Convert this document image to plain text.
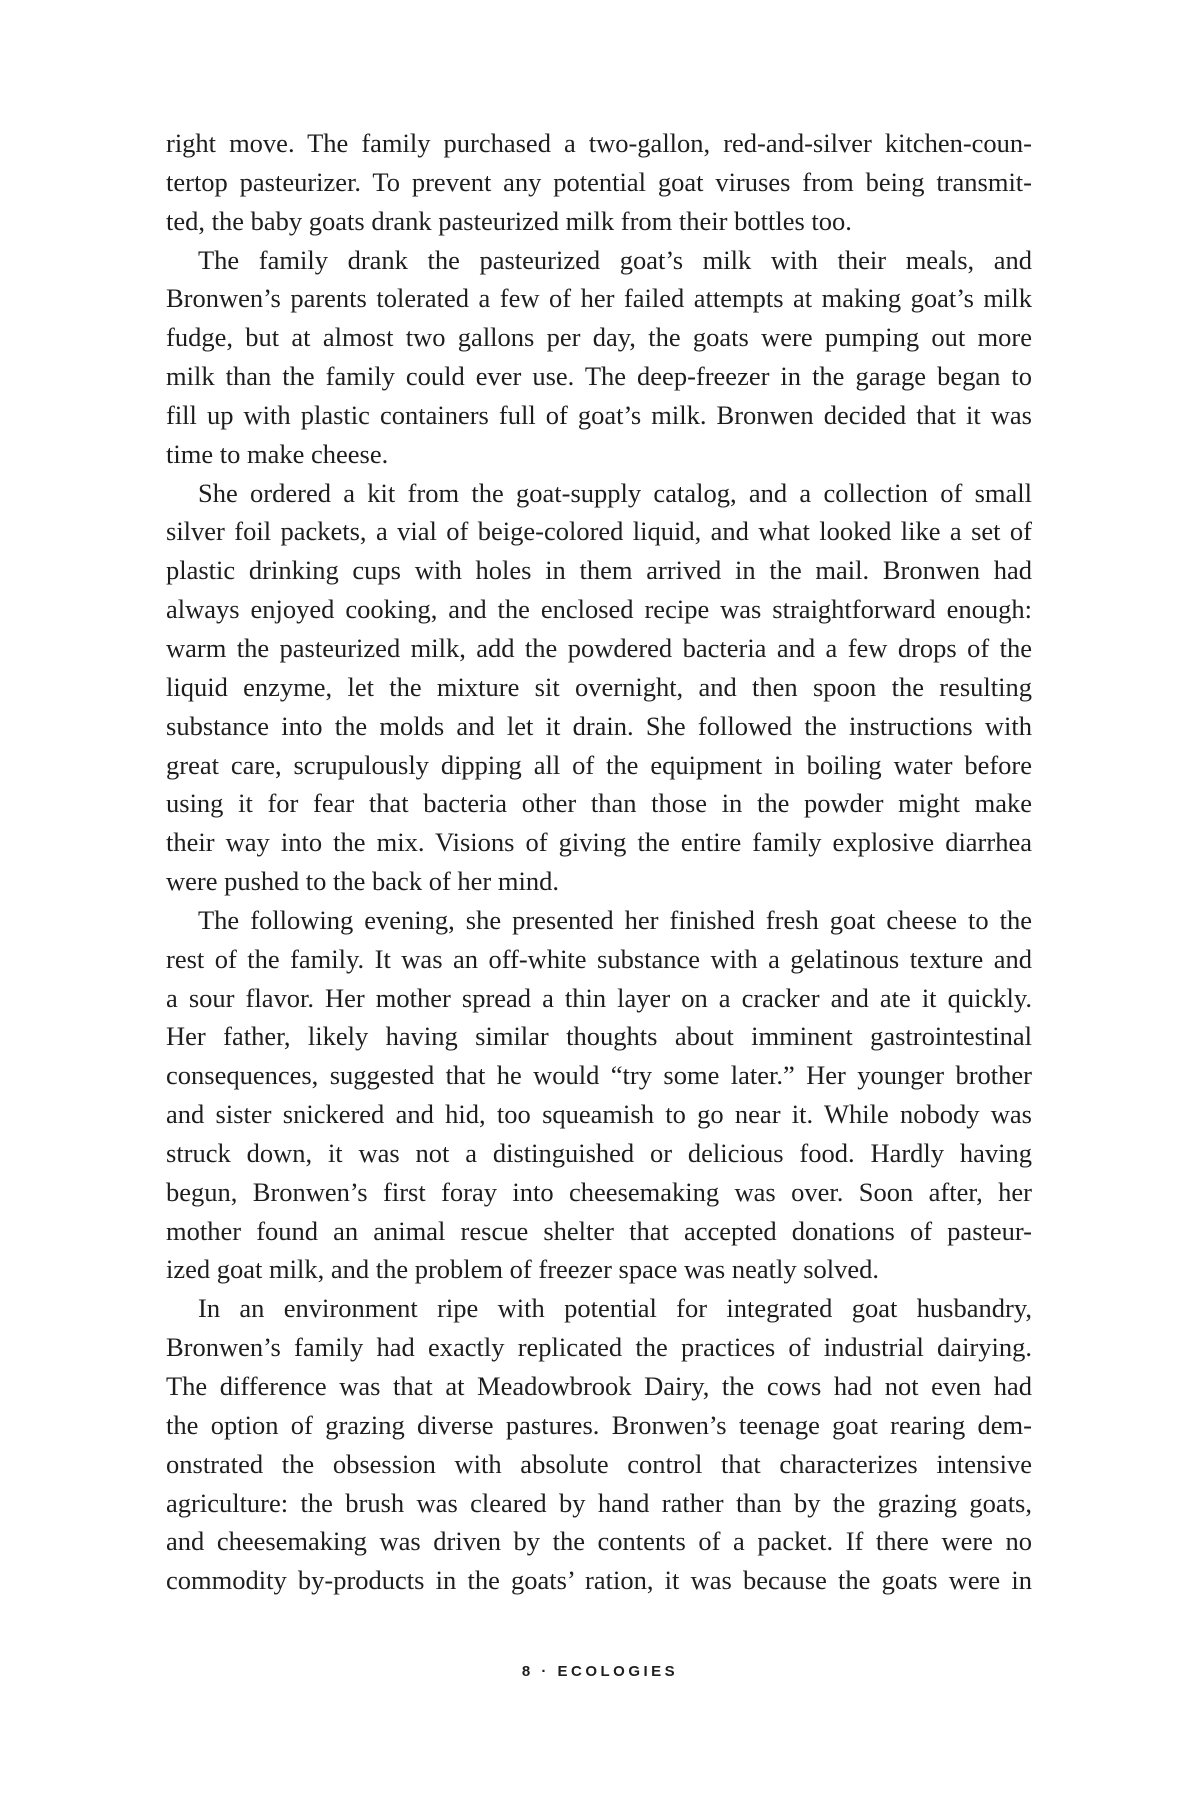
right move. The family purchased a two-gallon, red-and-silver kitchen-coun-
tertop pasteurizer. To prevent any potential goat viruses from being transmit-
ted, the baby goats drank pasteurized milk from their bottles too.
The family drank the pasteurized goat’s milk with their meals, and
Bronwen’s parents tolerated a few of her failed attempts at making goat’s milk
fudge, but at almost two gallons per day, the goats were pumping out more
milk than the family could ever use. The deep-freezer in the garage began to
fill up with plastic containers full of goat’s milk. Bronwen decided that it was
time to make cheese.
She ordered a kit from the goat-supply catalog, and a collection of small
silver foil packets, a vial of beige-colored liquid, and what looked like a set of
plastic drinking cups with holes in them arrived in the mail. Bronwen had
always enjoyed cooking, and the enclosed recipe was straightforward enough:
warm the pasteurized milk, add the powdered bacteria and a few drops of the
liquid enzyme, let the mixture sit overnight, and then spoon the resulting
substance into the molds and let it drain. She followed the instructions with
great care, scrupulously dipping all of the equipment in boiling water before
using it for fear that bacteria other than those in the powder might make
their way into the mix. Visions of giving the entire family explosive diarrhea
were pushed to the back of her mind.
The following evening, she presented her finished fresh goat cheese to the
rest of the family. It was an off-white substance with a gelatinous texture and
a sour flavor. Her mother spread a thin layer on a cracker and ate it quickly.
Her father, likely having similar thoughts about imminent gastrointestinal
consequences, suggested that he would “try some later.” Her younger brother
and sister snickered and hid, too squeamish to go near it. While nobody was
struck down, it was not a distinguished or delicious food. Hardly having
begun, Bronwen’s first foray into cheesemaking was over. Soon after, her
mother found an animal rescue shelter that accepted donations of pasteur-
ized goat milk, and the problem of freezer space was neatly solved.
In an environment ripe with potential for integrated goat husbandry,
Bronwen’s family had exactly replicated the practices of industrial dairying.
The difference was that at Meadowbrook Dairy, the cows had not even had
the option of grazing diverse pastures. Bronwen’s teenage goat rearing dem-
onstrated the obsession with absolute control that characterizes intensive
agriculture: the brush was cleared by hand rather than by the grazing goats,
and cheesemaking was driven by the contents of a packet. If there were no
commodity by-products in the goats’ ration, it was because the goats were in
8 · ECOLOGIES
